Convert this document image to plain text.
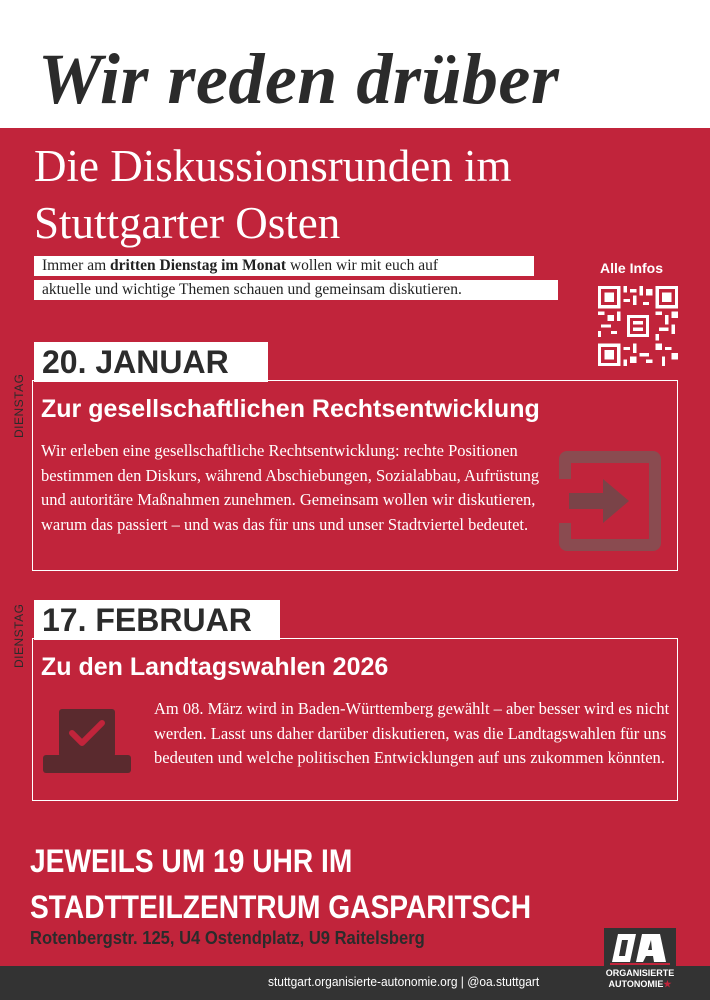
Wir reden drüber
Die Diskussionsrunden im Stuttgarter Osten
Immer am dritten Dienstag im Monat wollen wir mit euch auf
aktuelle und wichtige Themen schauen und gemeinsam diskutieren.
Alle Infos
DIENSTAG
20. JANUAR
Zur gesellschaftlichen Rechtsentwicklung
Wir erleben eine gesellschaftliche Rechtsentwicklung: rechte Positionen bestimmen den Diskurs, während Abschiebungen, Sozialabbau, Aufrüstung und autoritäre Maßnahmen zunehmen. Gemeinsam wollen wir diskutieren, warum das passiert – und was das für uns und unser Stadtviertel bedeutet.
DIENSTAG 17. FEBRUAR
Zu den Landtagswahlen 2026
Am 08. März wird in Baden-Württemberg gewählt – aber besser wird es nicht werden. Lasst uns daher darüber diskutieren, was die Landtagswahlen für uns bedeuten und welche politischen Entwicklungen auf uns zukommen könnten.
JEWEILS UM 19 UHR IM
STADTTEILZENTRUM GASPARITSCH
Rotenbergstr. 125, U4 Ostendplatz, U9 Raitelsberg
stuttgart.organisierte-autonomie.org | @oa.stuttgart
ORGANISIERTE
AUTONOMIE★
